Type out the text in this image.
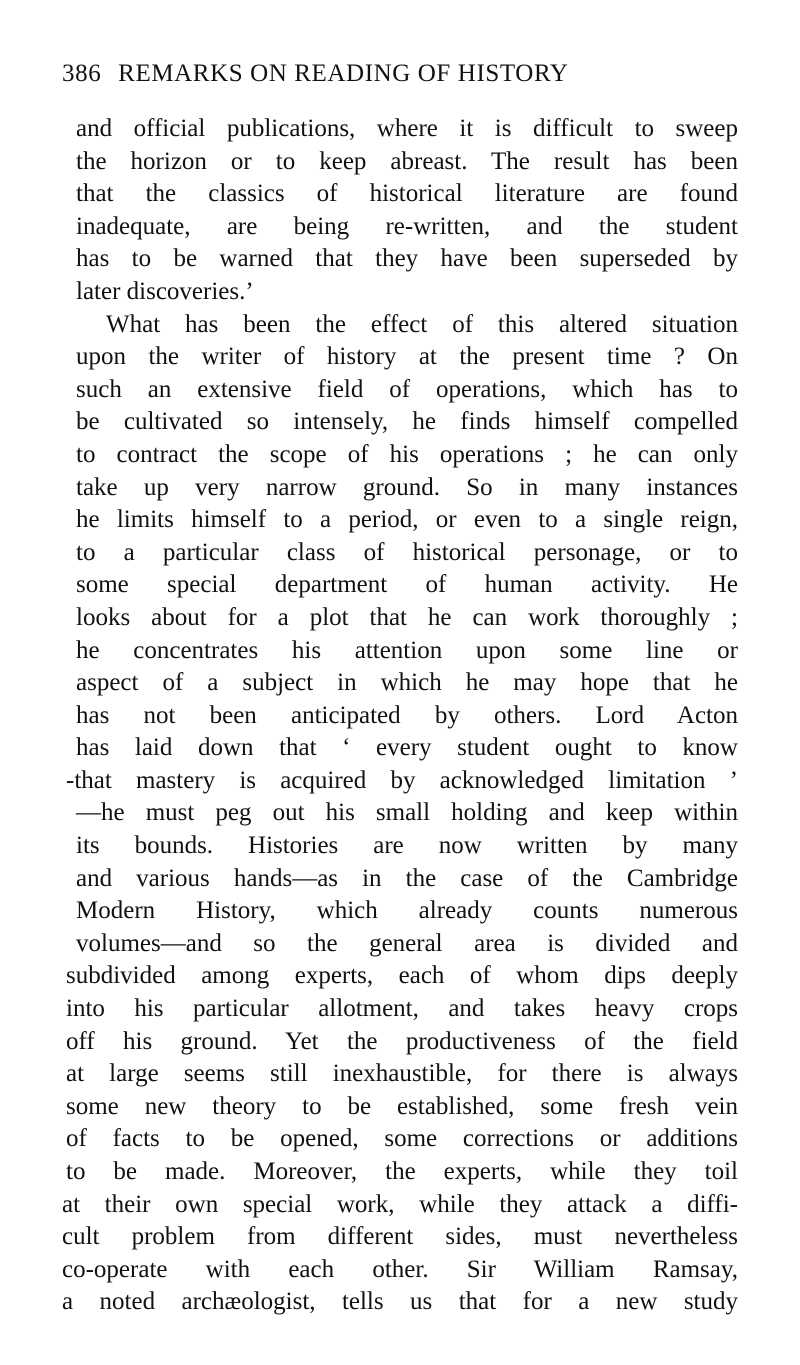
386 REMARKS ON READING OF HISTORY
and official publications, where it is difficult to sweep
the horizon or to keep abreast. The result has been
that the classics of historical literature are found
inadequate, are being re-written, and the student
has to be warned that they have been superseded by
later discoveries.’
What has been the effect of this altered situation
upon the writer of history at the present time ? On
such an extensive field of operations, which has to
be cultivated so intensely, he finds himself compelled
to contract the scope of his operations ; he can only
take up very narrow ground. So in many instances
he limits himself to a period, or even to a single reign,
to a particular class of historical personage, or to
some special department of human activity. He
looks about for a plot that he can work thoroughly ;
he concentrates his attention upon some line or
aspect of a subject in which he may hope that he
has not been anticipated by others. Lord Acton
has laid down that ‘ every student ought to know
-that mastery is acquired by acknowledged limitation ’
—he must peg out his small holding and keep within
its bounds. Histories are now written by many
and various hands—as in the case of the Cambridge
Modern History, which already counts numerous
volumes—and so the general area is divided and
subdivided among experts, each of whom dips deeply
into his particular allotment, and takes heavy crops
off his ground. Yet the productiveness of the field
at large seems still inexhaustible, for there is always
some new theory to be established, some fresh vein
of facts to be opened, some corrections or additions
to be made. Moreover, the experts, while they toil
at their own special work, while they attack a diffi-
cult problem from different sides, must nevertheless
co-operate with each other. Sir William Ramsay,
a noted archæologist, tells us that for a new study
